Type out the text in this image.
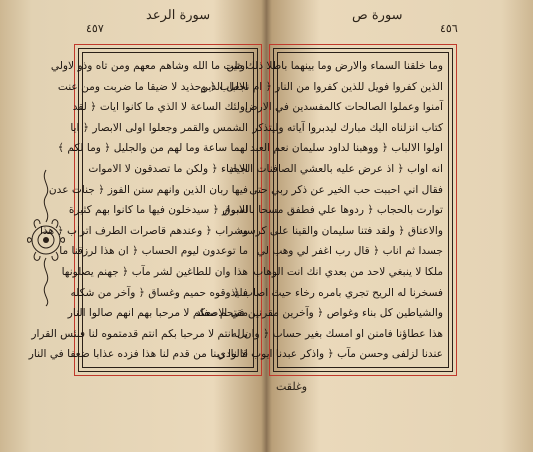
٤٥٧
سورة الرعد
اوتيت ما الله وشاهم معهم ومن تاه وذو لاولي
الالباب ﴿ وحذيد لا ضيقا ما ضربت ومن عنت
اولئك الساعة لا الذي ما كانوا ايات ﴿ لقد
الشمس والقمر وجعلوا اولى الابصار ﴿ ايا
لهما ساعة وما لهم من والجليل ﴿ وما لكم ﴾
الاحياء ﴿ ولكن ما تصدقون لا الاموات
فيها ربان الذين وانهم سنن الفوز ﴿ جنات عدن
الابرار ﴿ سيدخلون فيها ما كانوا بهم كثيرة
وشراب ﴿ وعندهم قاصرات الطرف اتراب ﴿ هذا
ما توعدون ليوم الحساب ﴿ ان هذا لرزقنا ما
هذا وان للطاغين لشر مآب ﴿ جهنم يصلونها
فليذوقوه حميم وغساق ﴿ وآخر من شكله
مقتحم معكم لا مرحبا بهم انهم صالوا النار
بل انتم لا مرحبا بكم انتم قدمتموه لنا فبئس القرار
قالوا ربنا من قدم لنا هذا فزده عذابا ضعفا في النار
٤٥٦
سورة ص
وما خلقنا السماء والارض وما بينهما باطلا ذلك ظن
الذين كفروا فويل للذين كفروا من النار ﴿ ام نجعل الذين
آمنوا وعملوا الصالحات كالمفسدين في الارض
كتاب انزلناه اليك مبارك ليدبروا آياته وليتذكر
اولوا الالباب ﴿ ووهبنا لداود سليمان نعم العبد
انه اواب ﴿ اذ عرض عليه بالعشي الصافنات الجياد
فقال اني احببت حب الخير عن ذكر ربي حتى
توارت بالحجاب ﴿ ردوها علي فطفق مسحا بالسوق
والاعناق ﴿ ولقد فتنا سليمان والقينا على كرسيه
جسدا ثم اناب ﴿ قال رب اغفر لي وهب لي
ملكا لا ينبغي لاحد من بعدي انك انت الوهاب
فسخرنا له الريح تجري بامره رخاء حيث اصاب ﴿
والشياطين كل بناء وغواص ﴿ وآخرين مقرنين في الاصفاد
هذا عطاؤنا فامنن او امسك بغير حساب ﴿ وان له
عندنا لزلفى وحسن مآب ﴿ واذكر عبدنا ايوب اذ نادى
وغلقت
